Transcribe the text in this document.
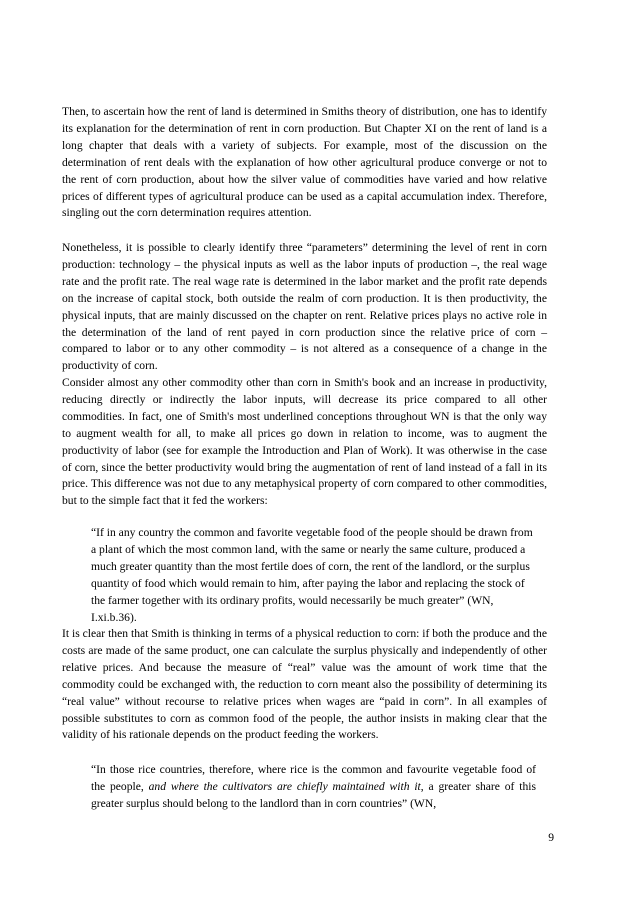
Then, to ascertain how the rent of land is determined in Smiths theory of distribution, one has to identify its explanation for the determination of rent in corn production. But Chapter XI on the rent of land is a long chapter that deals with a variety of subjects. For example, most of the discussion on the determination of rent deals with the explanation of how other agricultural produce converge or not to the rent of corn production, about how the silver value of commodities have varied and how relative prices of different types of agricultural produce can be used as a capital accumulation index. Therefore, singling out the corn determination requires attention.

Nonetheless, it is possible to clearly identify three “parameters” determining the level of rent in corn production: technology – the physical inputs as well as the labor inputs of production –, the real wage rate and the profit rate. The real wage rate is determined in the labor market and the profit rate depends on the increase of capital stock, both outside the realm of corn production. It is then productivity, the physical inputs, that are mainly discussed on the chapter on rent. Relative prices plays no active role in the determination of the land of rent payed in corn production since the relative price of corn – compared to labor or to any other commodity – is not altered as a consequence of a change in the productivity of corn.

Consider almost any other commodity other than corn in Smith's book and an increase in productivity, reducing directly or indirectly the labor inputs, will decrease its price compared to all other commodities. In fact, one of Smith's most underlined conceptions throughout WN is that the only way to augment wealth for all, to make all prices go down in relation to income, was to augment the productivity of labor (see for example the Introduction and Plan of Work). It was otherwise in the case of corn, since the better productivity would bring the augmentation of rent of land instead of a fall in its price. This difference was not due to any metaphysical property of corn compared to other commodities, but to the simple fact that it fed the workers:

“If in any country the common and favorite vegetable food of the people should be drawn from a plant of which the most common land, with the same or nearly the same culture, produced a much greater quantity than the most fertile does of corn, the rent of the landlord, or the surplus quantity of food which would remain to him, after paying the labor and replacing the stock of the farmer together with its ordinary profits, would necessarily be much greater” (WN, I.xi.b.36).

It is clear then that Smith is thinking in terms of a physical reduction to corn: if both the produce and the costs are made of the same product, one can calculate the surplus physically and independently of other relative prices. And because the measure of “real” value was the amount of work time that the commodity could be exchanged with, the reduction to corn meant also the possibility of determining its “real value” without recourse to relative prices when wages are “paid in corn”. In all examples of possible substitutes to corn as common food of the people, the author insists in making clear that the validity of his rationale depends on the product feeding the workers.

“In those rice countries, therefore, where rice is the common and favourite vegetable food of the people, and where the cultivators are chiefly maintained with it, a greater share of this greater surplus should belong to the landlord than in corn countries” (WN,

9
